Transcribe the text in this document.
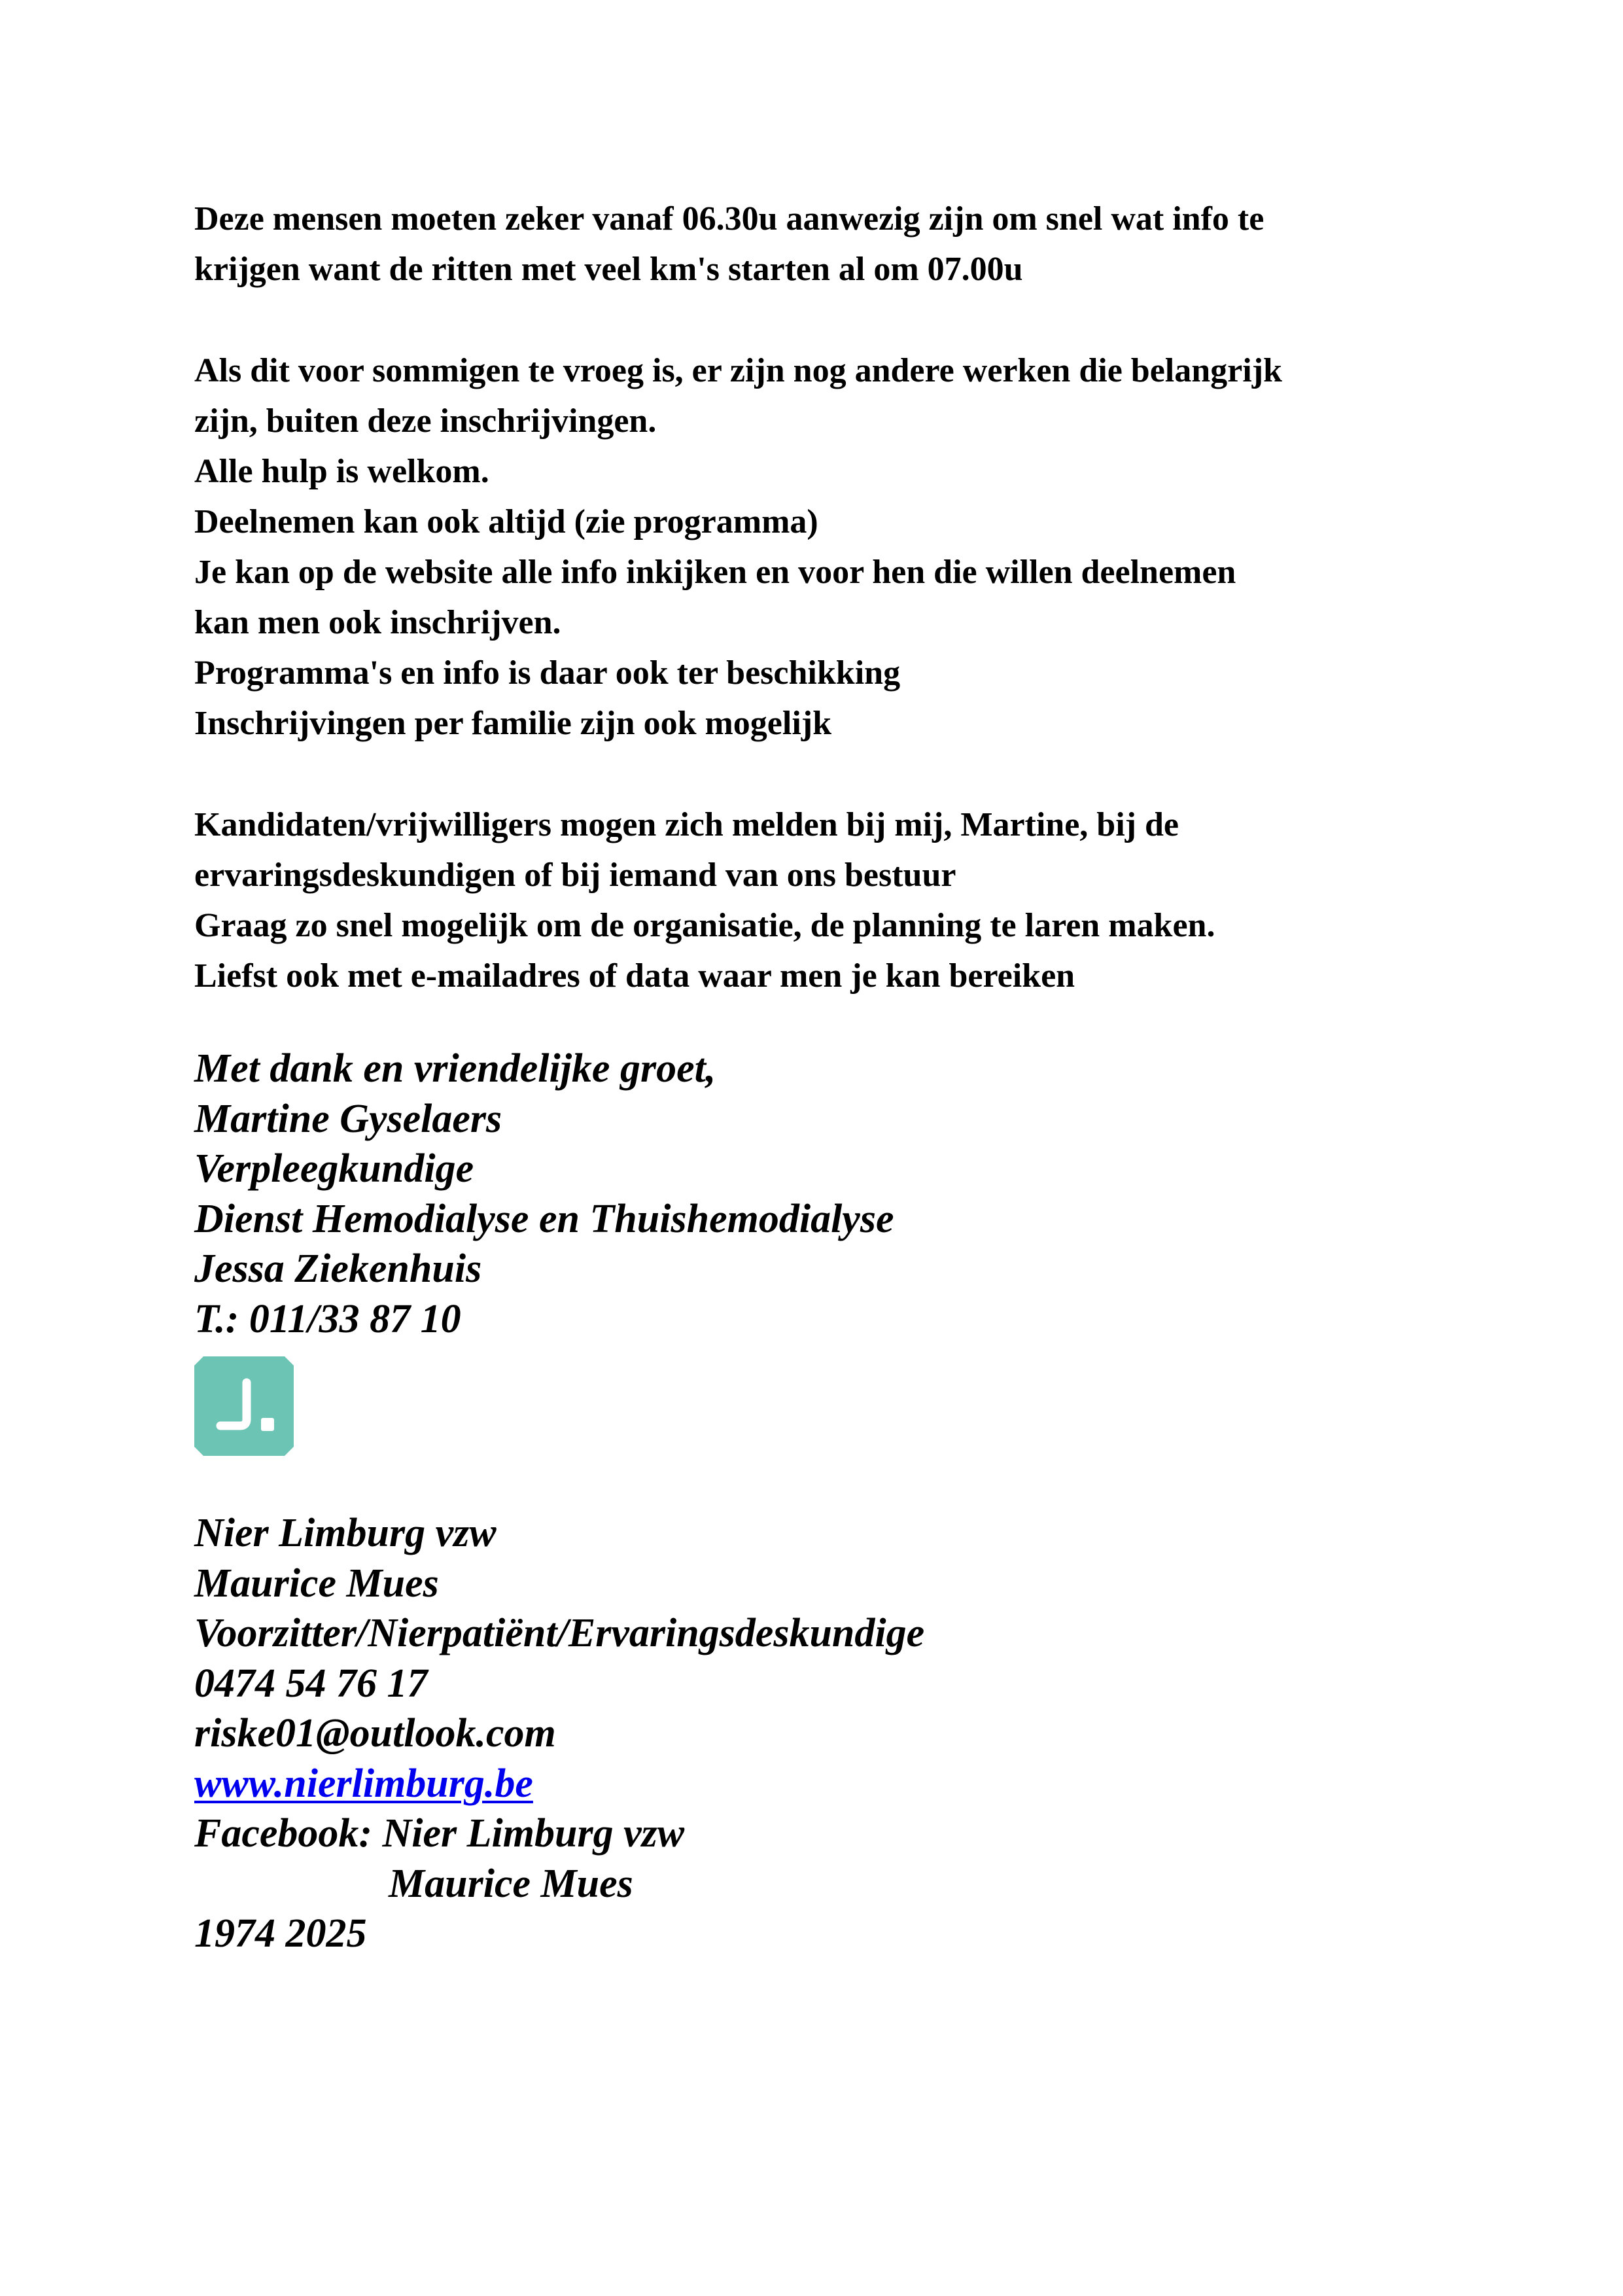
Deze mensen moeten zeker vanaf 06.30u aanwezig zijn om snel wat info te
krijgen want de ritten met veel km's starten al om 07.00u
Als dit voor sommigen te vroeg is, er zijn nog andere werken die belangrijk
zijn, buiten deze inschrijvingen.
Alle hulp is welkom.
Deelnemen kan ook altijd (zie programma)
Je kan op de website alle info inkijken en voor hen die willen deelnemen
kan men ook inschrijven.
Programma's en info is daar ook ter beschikking
Inschrijvingen per familie zijn ook mogelijk
Kandidaten/vrijwilligers mogen zich melden bij mij, Martine, bij de
ervaringsdeskundigen of bij iemand van ons bestuur
Graag zo snel mogelijk om de organisatie, de planning te laren maken.
Liefst ook met e-mailadres of data waar men je kan bereiken
Met dank en vriendelijke groet,
Martine Gyselaers
Verpleegkundige
Dienst Hemodialyse en Thuishemodialyse
Jessa Ziekenhuis
T.: 011/33 87 10
Nier Limburg vzw
Maurice Mues
Voorzitter/Nierpatiënt/Ervaringsdeskundige
0474 54 76 17
riske01@outlook.com
www.nierlimburg.be
Facebook: Nier Limburg vzw
Maurice Mues
1974 2025
